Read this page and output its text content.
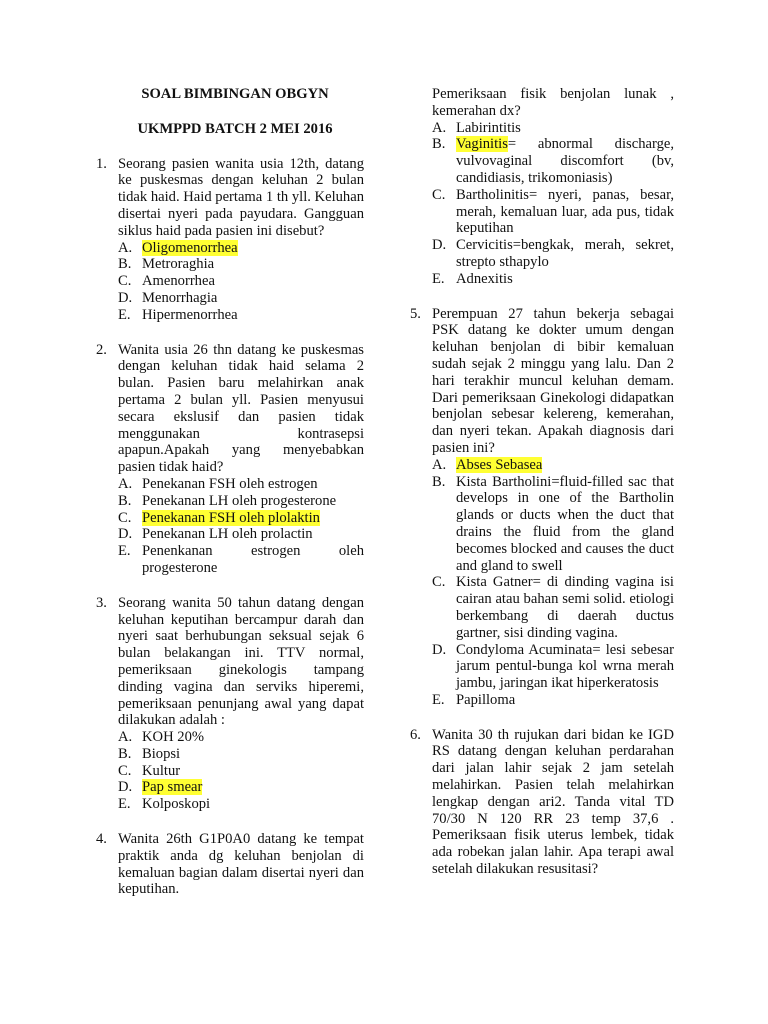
SOAL BIMBINGAN OBGYN
UKMPPD BATCH 2 MEI 2016
1. Seorang pasien wanita usia 12th, datang ke puskesmas dengan keluhan 2 bulan tidak haid. Haid pertama 1 th yll. Keluhan disertai nyeri pada payudara. Gangguan siklus haid pada pasien ini disebut?
A. Oligomenorrhea
B. Metroraghia
C. Amenorrhea
D. Menorrhagia
E. Hipermenorrhea
2. Wanita usia 26 thn datang ke puskesmas dengan keluhan tidak haid selama 2 bulan. Pasien baru melahirkan anak pertama 2 bulan yll. Pasien menyusui secara ekslusif dan pasien tidak menggunakan kontrasepsi apapun.Apakah yang menyebabkan pasien tidak haid?
A. Penekanan FSH oleh estrogen
B. Penekanan LH oleh progesterone
C. Penekanan FSH oleh plolaktin
D. Penekanan LH oleh prolactin
E. Penenkanan estrogen oleh progesterone
3. Seorang wanita 50 tahun datang dengan keluhan keputihan bercampur darah dan nyeri saat berhubungan seksual sejak 6 bulan belakangan ini. TTV normal, pemeriksaan ginekologis tampang dinding vagina dan serviks hiperemi, pemeriksaan penunjang awal yang dapat dilakukan adalah :
A. KOH 20%
B. Biopsi
C. Kultur
D. Pap smear
E. Kolposkopi
4. Wanita 26th G1P0A0 datang ke tempat praktik anda dg keluhan benjolan di kemaluan bagian dalam disertai nyeri dan keputihan.
Pemeriksaan fisik benjolan lunak , kemerahan dx?
A. Labirintitis
B. Vaginitis= abnormal discharge, vulvovaginal discomfort (bv, candidiasis, trikomoniasis)
C. Bartholinitis= nyeri, panas, besar, merah, kemaluan luar, ada pus, tidak keputihan
D. Cervicitis=bengkak, merah, sekret, strepto sthapylo
E. Adnexitis
5. Perempuan 27 tahun bekerja sebagai PSK datang ke dokter umum dengan keluhan benjolan di bibir kemaluan sudah sejak 2 minggu yang lalu. Dan 2 hari terakhir muncul keluhan demam. Dari pemeriksaan Ginekologi didapatkan benjolan sebesar kelereng, kemerahan, dan nyeri tekan. Apakah diagnosis dari pasien ini?
A. Abses Sebasea
B. Kista Bartholini=fluid-filled sac that develops in one of the Bartholin glands or ducts when the duct that drains the fluid from the gland becomes blocked and causes the duct and gland to swell
C. Kista Gatner= di dinding vagina isi cairan atau bahan semi solid. etiologi berkembang di daerah ductus gartner, sisi dinding vagina.
D. Condyloma Acuminata= lesi sebesar jarum pentul-bunga kol wrna merah jambu, jaringan ikat hiperkeratosis
E. Papilloma
6. Wanita 30 th rujukan dari bidan ke IGD RS datang dengan keluhan perdarahan dari jalan lahir sejak 2 jam setelah melahirkan. Pasien telah melahirkan lengkap dengan ari2. Tanda vital TD 70/30 N 120 RR 23 temp 37,6 . Pemeriksaan fisik uterus lembek, tidak ada robekan jalan lahir. Apa terapi awal setelah dilakukan resusitasi?
